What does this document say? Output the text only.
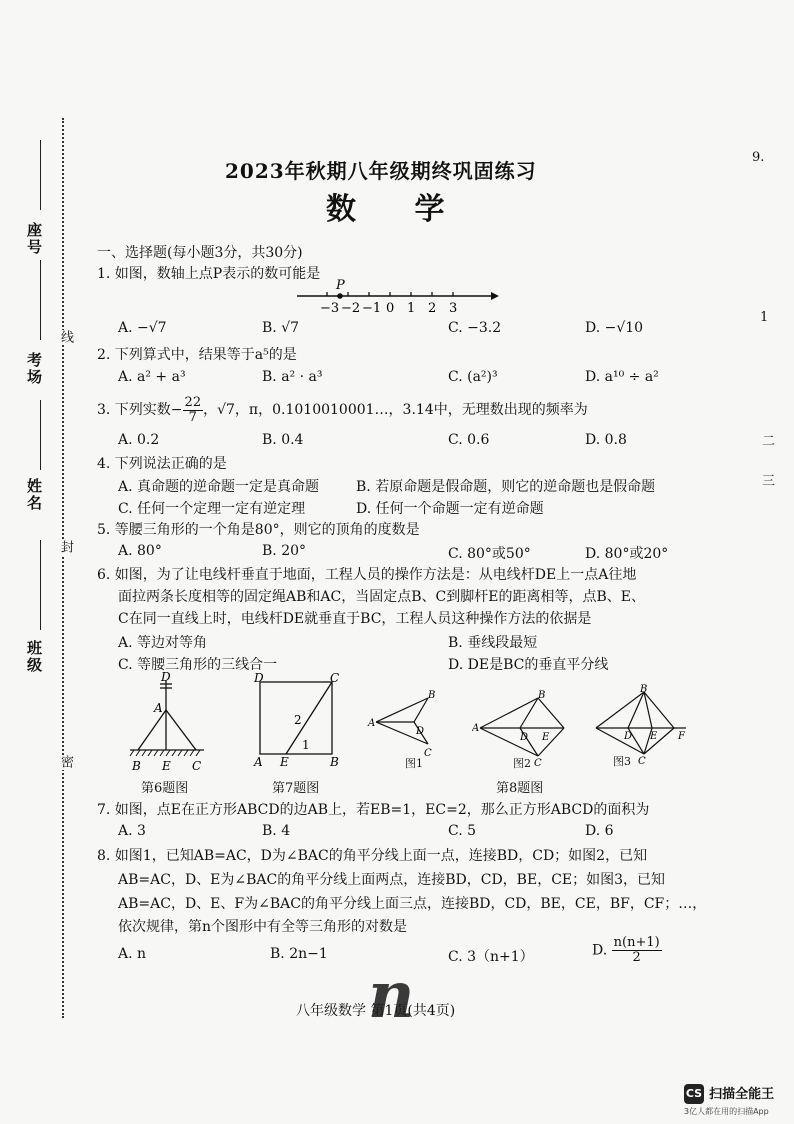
座号
考场
姓名
班级
线
封
密
9.
1
二
三
2023年秋期八年级期终巩固练习
数 学
一、选择题(每小题3分，共30分)
1. 如图，数轴上点P表示的数可能是
P
−3 −2 −1 0 1 2 3
A. −√7	B. √7	C. −3.2	D. −√10
2. 下列算式中，结果等于a⁵的是
A. a² + a³	B. a² · a³	C. (a²)³	D. a¹⁰ ÷ a²
3. 下列实数− $\frac{22}{7}$ ，√7，π，0.1010010001…，3.14中，无理数出现的频率为
A. 0.2	B. 0.4	C. 0.6	D. 0.8
4. 下列说法正确的是
A. 真命题的逆命题一定是真命题	B. 若原命题是假命题，则它的逆命题也是假命题
C. 任何一个定理一定有逆定理	D. 任何一个命题一定有逆命题
5. 等腰三角形的一个角是80°，则它的顶角的度数是
A. 80°	B. 20°	C. 80°或50°	D. 80°或20°
6. 如图，为了让电线杆垂直于地面，工程人员的操作方法是：从电线杆DE上一点A往地
面拉两条长度相等的固定绳AB和AC，当固定点B、C到脚杆E的距离相等，点B、E、
C在同一直线上时，电线杆DE就垂直于BC，工程人员这种操作方法的依据是
A. 等边对等角	B. 垂线段最短
C. 等腰三角形的三线合一	D. DE是BC的垂直平分线
D
A
B E C
第6题图
D	C
A E	B
2
1
第7题图
A
B
D
C
图1
A
B
D E
C
图2
B
D E F
C
图3
第8题图
7. 如图，点E在正方形ABCD的边AB上，若EB=1，EC=2，那么正方形ABCD的面积为
A. 3	B. 4	C. 5	D. 6
8. 如图1，已知AB=AC，D为∠BAC的角平分线上面一点，连接BD，CD；如图2，已知
AB=AC，D、E为∠BAC的角平分线上面两点，连接BD，CD，BE，CE；如图3，已知
AB=AC，D、E、F为∠BAC的角平分线上面三点，连接BD，CD，BE，CE，BF，CF；…，
依次规律，第n个图形中有全等三角形的对数是
A. n	B. 2n−1	C. 3（n+1）	D. $\frac{n(n+1)}{2}$
八年级数学 第1页(共4页)
n
CS 扫描全能王
3亿人都在用的扫描App
